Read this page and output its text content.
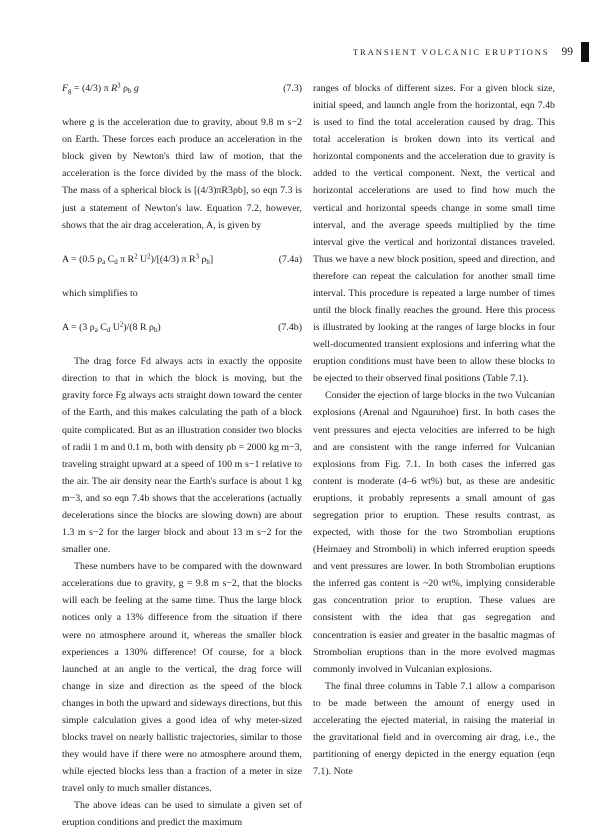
TRANSIENT VOLCANIC ERUPTIONS 99
$F_g = (4/3)$ π $R^3$ $\rho_b$ g	(7.3)

where g is the acceleration due to gravity, about 9.8 m s−2 on Earth. These forces each produce an acceleration in the block given by Newton's third law of motion, that the acceleration is the force divided by the mass of the block. The mass of a spherical block is [(4/3)πR3ρb], so eqn 7.3 is just a statement of Newton's law. Equation 7.2, however, shows that the air drag acceleration, A, is given by

A = (0.5 $\rho_a$ $C_d$ π $R^2$ $U^2)/[(4/3)$ π $R^3$ $\rho_b$]	(7.4a)

which simplifies to

A = (3 $\rho_a$ $C_d$ $U^2)/(8$ R $\rho_b$)	(7.4b)

The drag force Fd always acts in exactly the opposite direction to that in which the block is moving, but the gravity force Fg always acts straight down toward the center of the Earth, and this makes calculating the path of a block quite complicated. But as an illustration consider two blocks of radii 1 m and 0.1 m, both with density ρb = 2000 kg m−3, traveling straight upward at a speed of 100 m s−1 relative to the air. The air density near the Earth's surface is about 1 kg m−3, and so eqn 7.4b shows that the accelerations (actually decelerations since the blocks are slowing down) are about 1.3 m s−2 for the larger block and about 13 m s−2 for the smaller one.

These numbers have to be compared with the downward accelerations due to gravity, g = 9.8 m s−2, that the blocks will each be feeling at the same time. Thus the large block notices only a 13% difference from the situation if there were no atmosphere around it, whereas the smaller block experiences a 130% difference! Of course, for a block launched at an angle to the vertical, the drag force will change in size and direction as the speed of the block changes in both the upward and sideways directions, but this simple calculation gives a good idea of why meter-sized blocks travel on nearly ballistic trajectories, similar to those they would have if there were no atmosphere around them, while ejected blocks less than a fraction of a meter in size travel only to much smaller distances.

The above ideas can be used to simulate a given set of eruption conditions and predict the maximum

ranges of blocks of different sizes. For a given block size, initial speed, and launch angle from the horizontal, eqn 7.4b is used to find the total acceleration caused by drag. This total acceleration is broken down into its vertical and horizontal components and the acceleration due to gravity is added to the vertical component. Next, the vertical and horizontal accelerations are used to find how much the vertical and horizontal speeds change in some small time interval, and the average speeds multiplied by the time interval give the vertical and horizontal distances traveled. Thus we have a new block position, speed and direction, and therefore can repeat the calculation for another small time interval. This procedure is repeated a large number of times until the block finally reaches the ground. Here this process is illustrated by looking at the ranges of large blocks in four well-documented transient explosions and inferring what the eruption conditions must have been to allow these blocks to be ejected to their observed final positions (Table 7.1).

Consider the ejection of large blocks in the two Vulcanian explosions (Arenal and Ngauruhoe) first. In both cases the vent pressures and ejecta velocities are inferred to be high and are consistent with the range inferred for Vulcanian explosions from Fig. 7.1. In both cases the inferred gas content is moderate (4–6 wt%) but, as these are andesitic eruptions, it probably represents a small amount of gas segregation prior to eruption. These results contrast, as expected, with those for the two Strombolian eruptions (Heimaey and Stromboli) in which inferred eruption speeds and vent pressures are lower. In both Strombolian eruptions the inferred gas content is ~20 wt%, implying considerable gas concentration prior to eruption. These values are consistent with the idea that gas segregation and concentration is easier and greater in the basaltic magmas of Strombolian eruptions than in the more evolved magmas commonly involved in Vulcanian explosions.

The final three columns in Table 7.1 allow a comparison to be made between the amount of energy used in accelerating the ejected material, in raising the material in the gravitational field and in overcoming air drag, i.e., the partitioning of energy depicted in the energy equation (eqn 7.1). Note
